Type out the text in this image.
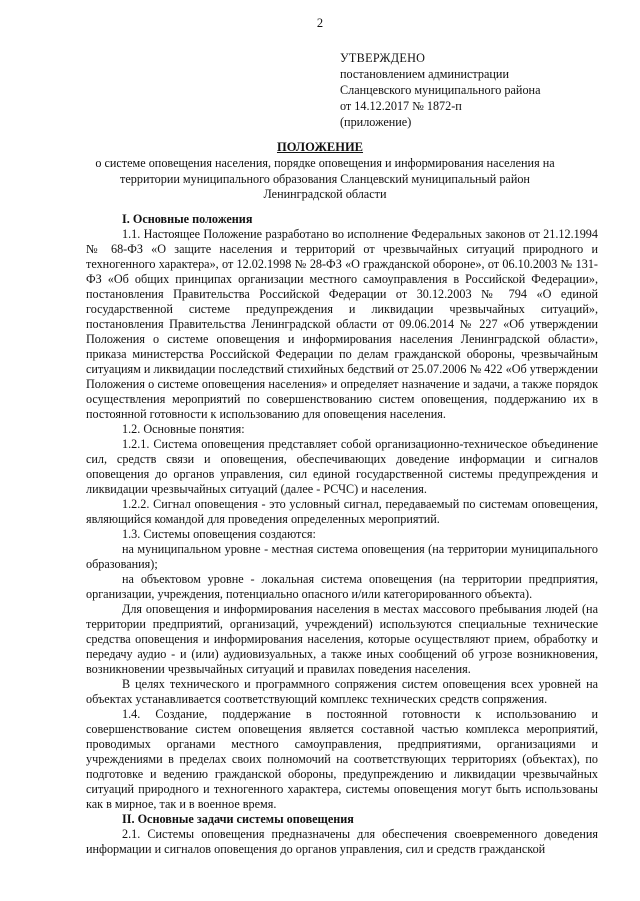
2
УТВЕРЖДЕНО
постановлением администрации
Сланцевского муниципального района
от 14.12.2017 № 1872-п
(приложение)
ПОЛОЖЕНИЕ
о системе оповещения населения, порядке оповещения и информирования населения на территории муниципального образования Сланцевский муниципальный район Ленинградской области

I. Основные положения

1.1. Настоящее Положение разработано во исполнение Федеральных законов от 21.12.1994 № 68-ФЗ «О защите населения и территорий от чрезвычайных ситуаций природного и техногенного характера», от 12.02.1998 № 28-ФЗ «О гражданской обороне», от 06.10.2003 № 131-ФЗ «Об общих принципах организации местного самоуправления в Российской Федерации», постановления Правительства Российской Федерации от 30.12.2003 № 794 «О единой государственной системе предупреждения и ликвидации чрезвычайных ситуаций», постановления Правительства Ленинградской области от 09.06.2014 № 227 «Об утверждении Положения о системе оповещения и информирования населения Ленинградской области», приказа министерства Российской Федерации по делам гражданской обороны, чрезвычайным ситуациям и ликвидации последствий стихийных бедствий от 25.07.2006 № 422 «Об утверждении Положения о системе оповещения населения» и определяет назначение и задачи, а также порядок осуществления мероприятий по совершенствованию систем оповещения, поддержанию их в постоянной готовности к использованию для оповещения населения.

1.2. Основные понятия:

1.2.1. Система оповещения представляет собой организационно-техническое объединение сил, средств связи и оповещения, обеспечивающих доведение информации и сигналов оповещения до органов управления, сил единой государственной системы предупреждения и ликвидации чрезвычайных ситуаций (далее - РСЧС) и населения.

1.2.2. Сигнал оповещения - это условный сигнал, передаваемый по системам оповещения, являющийся командой для проведения определенных мероприятий.

1.3. Системы оповещения создаются:

на муниципальном уровне - местная система оповещения (на территории муниципального образования);

на объектовом уровне - локальная система оповещения (на территории предприятия, организации, учреждения, потенциально опасного и/или категорированного объекта).

Для оповещения и информирования населения в местах массового пребывания людей (на территории предприятий, организаций, учреждений) используются специальные технические средства оповещения и информирования населения, которые осуществляют прием, обработку и передачу аудио - и (или) аудиовизуальных, а также иных сообщений об угрозе возникновения, возникновении чрезвычайных ситуаций и правилах поведения населения.

В целях технического и программного сопряжения систем оповещения всех уровней на объектах устанавливается соответствующий комплекс технических средств сопряжения.

1.4. Создание, поддержание в постоянной готовности к использованию и совершенствование систем оповещения является составной частью комплекса мероприятий, проводимых органами местного самоуправления, предприятиями, организациями и учреждениями в пределах своих полномочий на соответствующих территориях (объектах), по подготовке и ведению гражданской обороны, предупреждению и ликвидации чрезвычайных ситуаций природного и техногенного характера, системы оповещения могут быть использованы как в мирное, так и в военное время.

II. Основные задачи системы оповещения

2.1. Системы оповещения предназначены для обеспечения своевременного доведения информации и сигналов оповещения до органов управления, сил и средств гражданской
